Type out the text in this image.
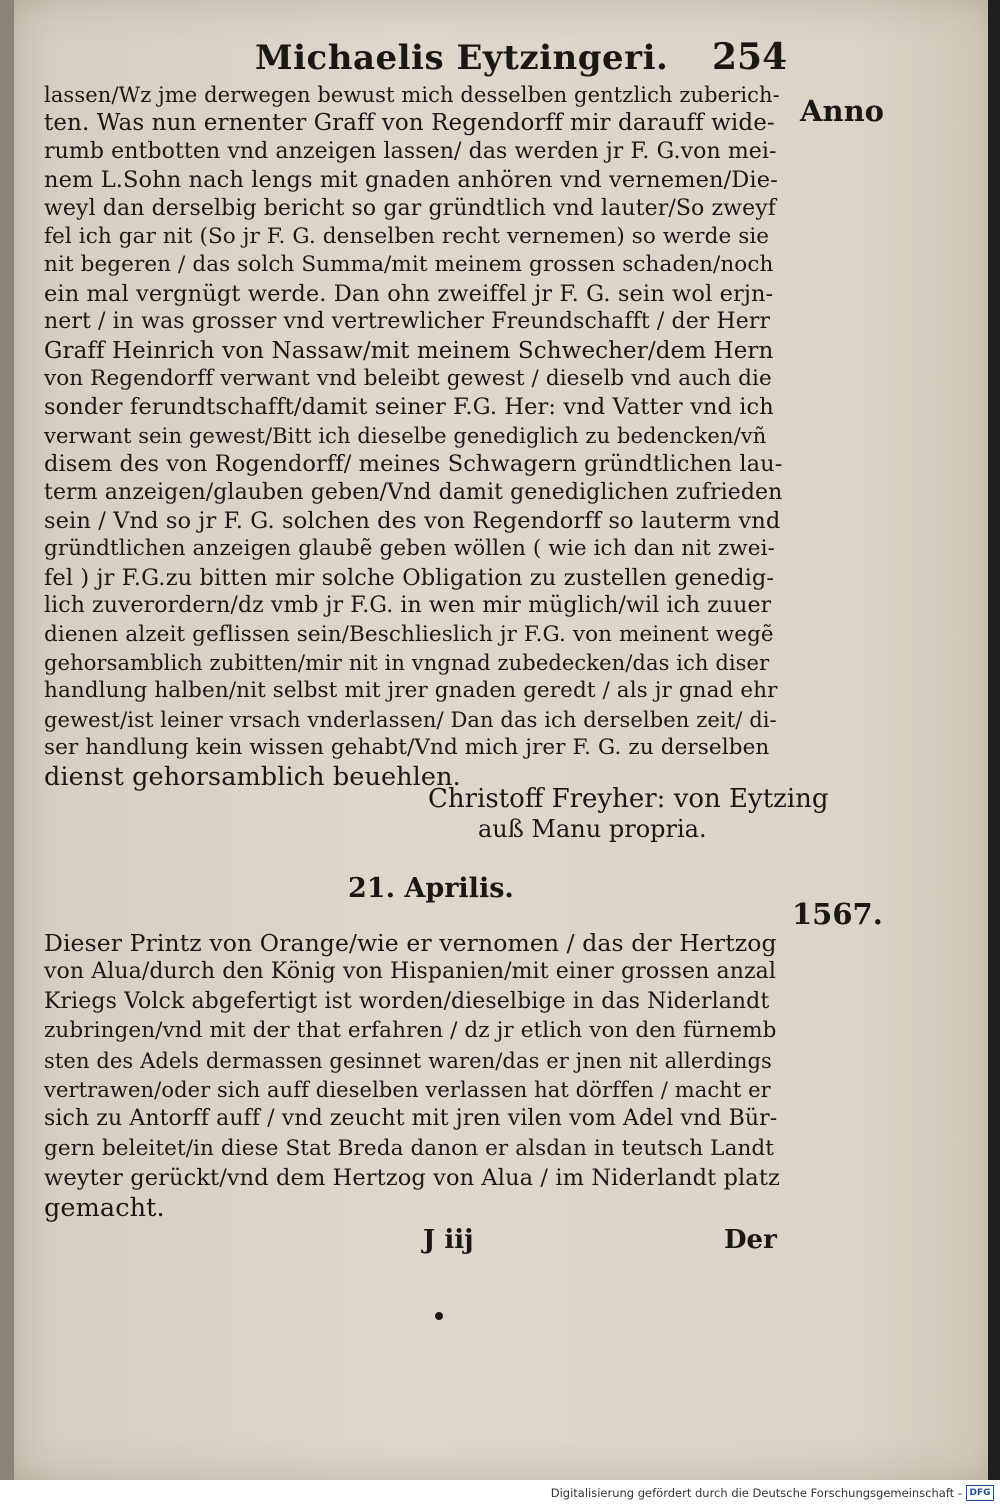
Michaelis Eytzingeri. 254
Anno
1567.
lassen/Wz jme derwegen bewust mich desselben gentzlich zuberich-
ten. Was nun ernenter Graff von Regendorff mir darauff wide-
rumb entbotten vnd anzeigen lassen/ das werden jr F. G.von mei-
nem L.Sohn nach lengs mit gnaden anhören vnd vernemen/Die-
weyl dan derselbig bericht so gar gründtlich vnd lauter/So zweyf
fel ich gar nit (So jr F. G. denselben recht vernemen) so werde sie
nit begeren / das solch Summa/mit meinem grossen schaden/noch
ein mal vergnügt werde. Dan ohn zweiffel jr F. G. sein wol erjn-
nert / in was grosser vnd vertrewlicher Freundschafft / der Herr
Graff Heinrich von Nassaw/mit meinem Schwecher/dem Hern
von Regendorff verwant vnd beleibt gewest / dieselb vnd auch die
sonder ferundtschafft/damit seiner F.G. Her: vnd Vatter vnd ich
verwant sein gewest/Bitt ich dieselbe genediglich zu bedencken/vñ
disem des von Rogendorff/ meines Schwagern gründtlichen lau-
term anzeigen/glauben geben/Vnd damit genediglichen zufrieden
sein / Vnd so jr F. G. solchen des von Regendorff so lauterm vnd
gründtlichen anzeigen glaubẽ geben wöllen ( wie ich dan nit zwei-
fel ) jr F.G.zu bitten mir solche Obligation zu zustellen genedig-
lich zuverordern/dz vmb jr F.G. in wen mir müglich/wil ich zuuer
dienen alzeit geflissen sein/Beschlieslich jr F.G. von meinent wegẽ
gehorsamblich zubitten/mir nit in vngnad zubedecken/das ich diser
handlung halben/nit selbst mit jrer gnaden geredt / als jr gnad ehr
gewest/ist leiner vrsach vnderlassen/ Dan das ich derselben zeit/ di-
ser handlung kein wissen gehabt/Vnd mich jrer F. G. zu derselben
dienst gehorsamblich beuehlen.
Christoff Freyher: von Eytzing
auß Manu propria.
21. Aprilis.
Dieser Printz von Orange/wie er vernomen / das der Hertzog
von Alua/durch den König von Hispanien/mit einer grossen anzal
Kriegs Volck abgefertigt ist worden/dieselbige in das Niderlandt
zubringen/vnd mit der that erfahren / dz jr etlich von den fürnemb
sten des Adels dermassen gesinnet waren/das er jnen nit allerdings
vertrawen/oder sich auff dieselben verlassen hat dörffen / macht er
sich zu Antorff auff / vnd zeucht mit jren vilen vom Adel vnd Bür-
gern beleitet/in diese Stat Breda danon er alsdan in teutsch Landt
weyter gerückt/vnd dem Hertzog von Alua / im Niderlandt platz
gemacht.
J iij	Der
Digitalisierung gefördert durch die Deutsche Forschungsgemeinschaft - DFG
